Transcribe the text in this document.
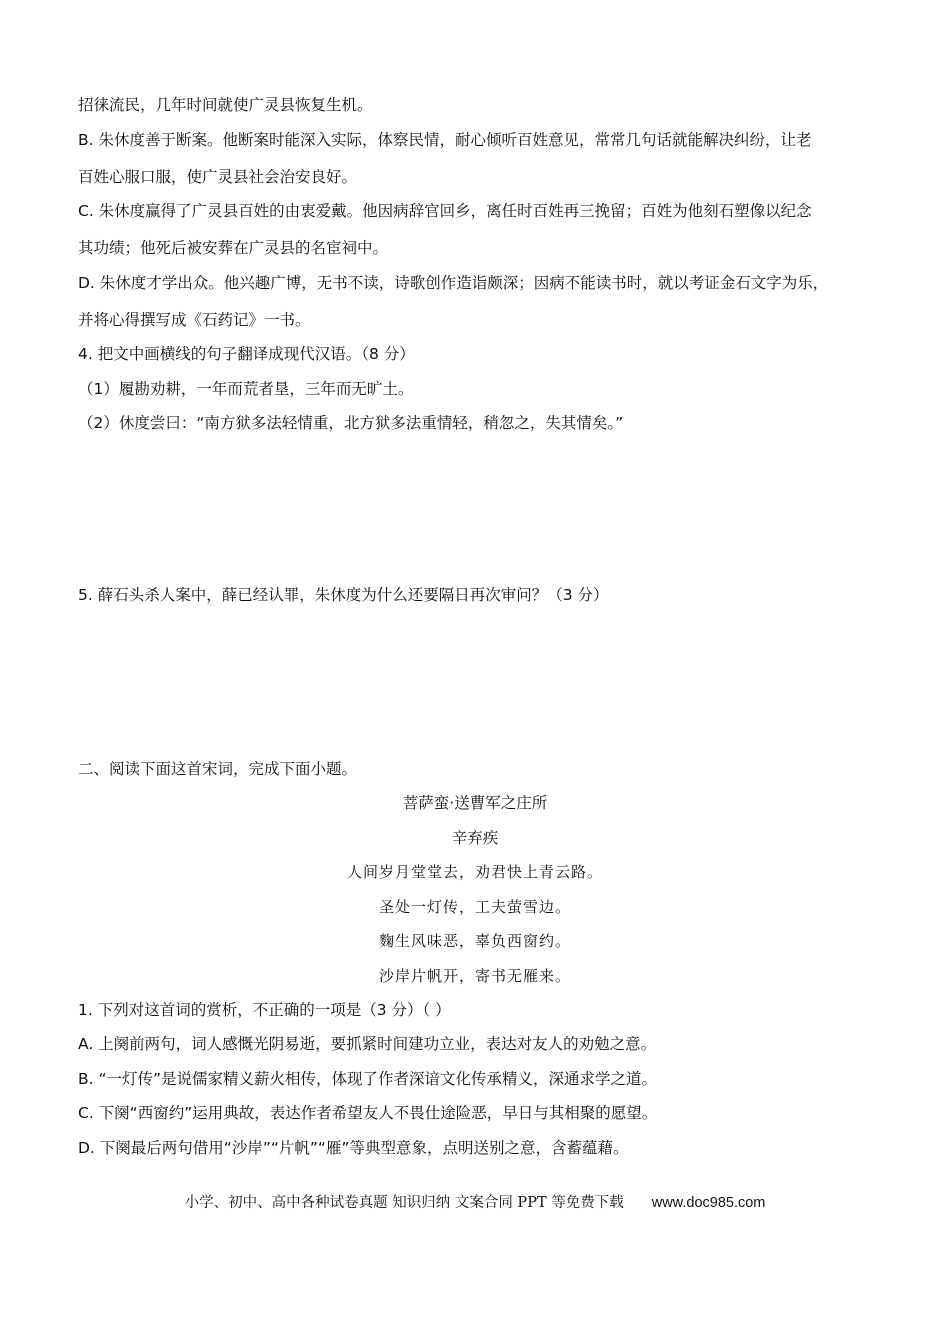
招徕流民，几年时间就使广灵县恢复生机。
B. 朱休度善于断案。他断案时能深入实际，体察民情，耐心倾听百姓意见，常常几句话就能解决纠纷，让老
百姓心服口服，使广灵县社会治安良好。
C. 朱休度赢得了广灵县百姓的由衷爱戴。他因病辞官回乡，离任时百姓再三挽留；百姓为他刻石塑像以纪念
其功绩；他死后被安葬在广灵县的名宦祠中。
D. 朱休度才学出众。他兴趣广博，无书不读，诗歌创作造诣颇深；因病不能读书时，就以考证金石文字为乐，
并将心得撰写成《石药记》一书。
4. 把文中画横线的句子翻译成现代汉语。（8 分）
（1）履勘劝耕，一年而荒者垦，三年而无旷土。
（2）休度尝曰：“南方狱多法轻情重，北方狱多法重情轻，稍忽之，失其情矣。”
5. 薛石头杀人案中，薛已经认罪，朱休度为什么还要隔日再次审问？（3 分）
二、阅读下面这首宋词，完成下面小题。
菩萨蛮·送曹军之庄所
辛弃疾
人间岁月堂堂去，劝君快上青云路。
圣处一灯传，工夫萤雪边。
麴生风味恶，辜负西窗约。
沙岸片帆开，寄书无雁来。
1. 下列对这首词的赏析，不正确的一项是（3 分）（ ）
A. 上阕前两句，词人感慨光阴易逝，要抓紧时间建功立业，表达对友人的劝勉之意。
B. “一灯传”是说儒家精义薪火相传，体现了作者深谙文化传承精义，深通求学之道。
C. 下阕“西窗约”运用典故，表达作者希望友人不畏仕途险恶，早日与其相聚的愿望。
D. 下阕最后两句借用“沙岸”“片帆”“雁”等典型意象，点明送别之意，含蓄蕴藉。
小学、初中、高中各种试卷真题 知识归纳 文案合同 PPT 等免费下载 www.doc985.com
